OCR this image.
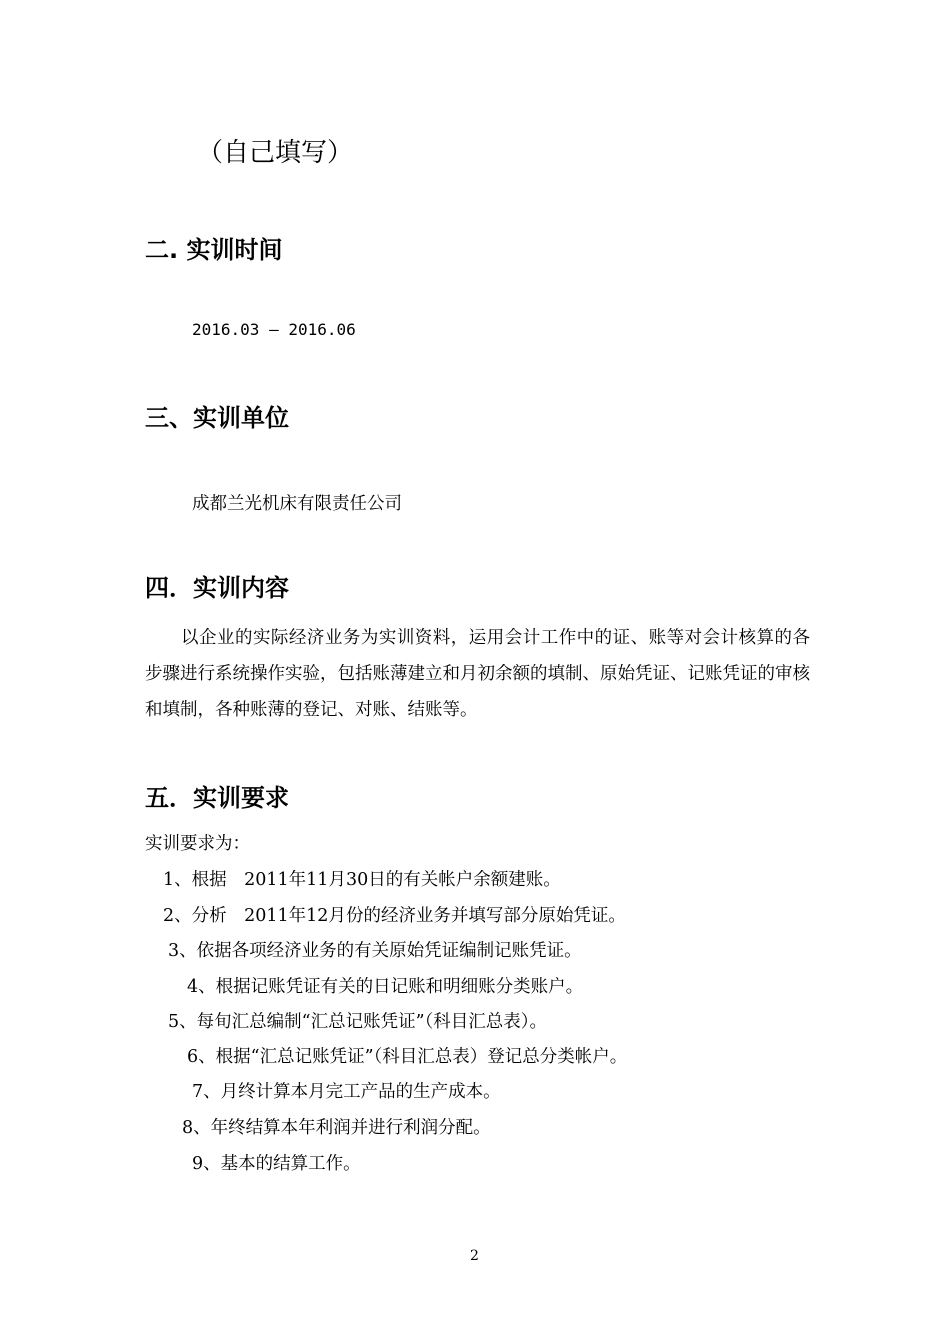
（自己填写）
二. 实训时间
2016.03 – 2016.06
三、实训单位
成都兰光机床有限责任公司
四．实训内容
以企业的实际经济业务为实训资料，运用会计工作中的证、账等对会计核算的各步骤进行系统操作实验，包括账薄建立和月初余额的填制、原始凭证、记账凭证的审核和填制，各种账薄的登记、对账、结账等。
五．实训要求
实训要求为：
1、根据　2011年11月30日的有关帐户余额建账。
2、分析　2011年12月份的经济业务并填写部分原始凭证。
3、依据各项经济业务的有关原始凭证编制记账凭证。
4、根据记账凭证有关的日记账和明细账分类账户。
5、每旬汇总编制“汇总记账凭证”（科目汇总表）。
6、根据“汇总记账凭证”（科目汇总表）登记总分类帐户。
7、月终计算本月完工产品的生产成本。
8、年终结算本年利润并进行利润分配。
9、基本的结算工作。
2
